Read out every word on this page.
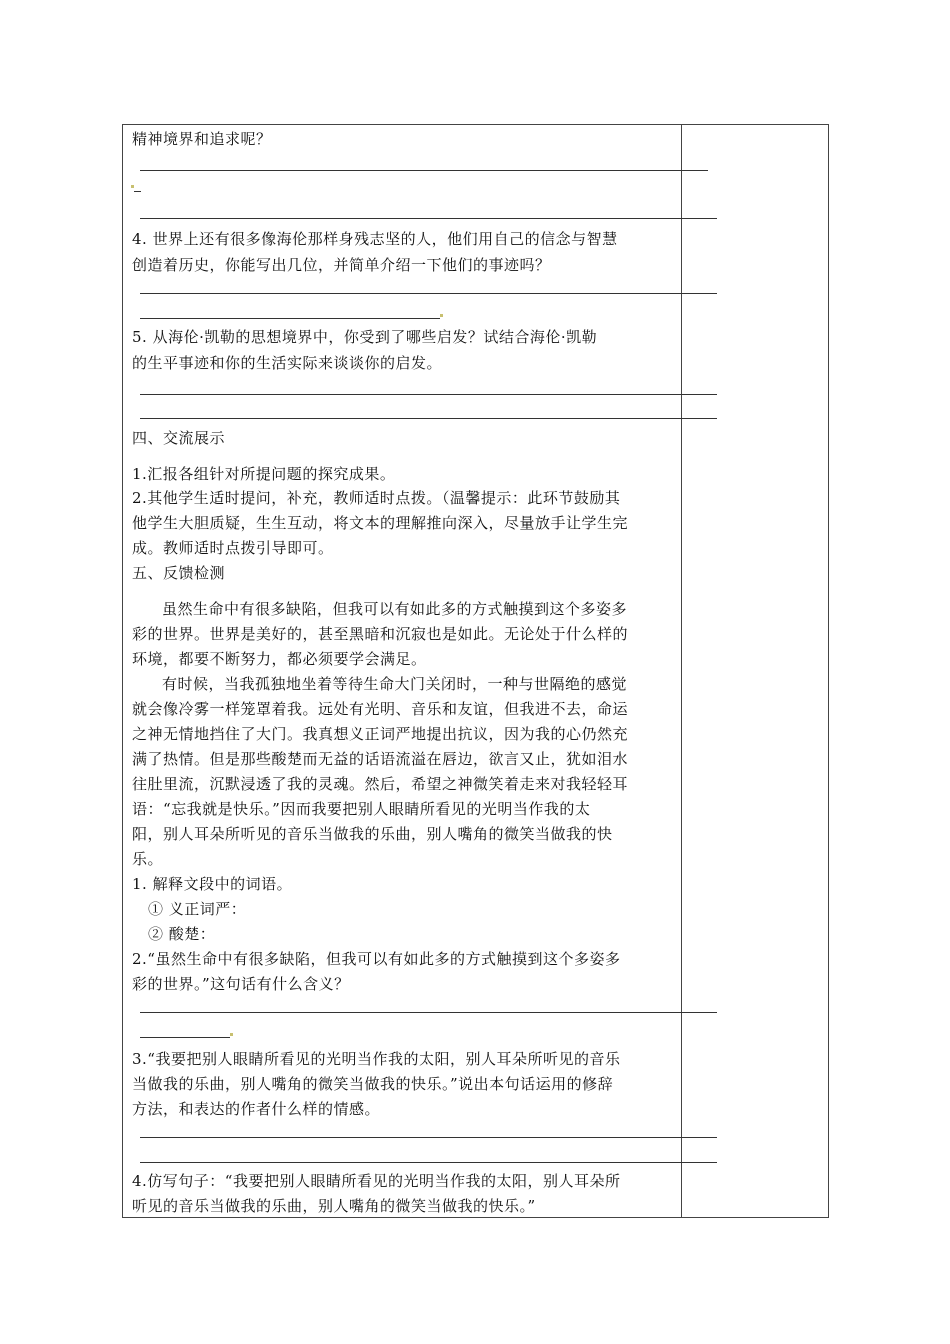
精神境界和追求呢？
4. 世界上还有很多像海伦那样身残志坚的人，他们用自己的信念与智慧
创造着历史，你能写出几位，并简单介绍一下他们的事迹吗？
5. 从海伦·凯勒的思想境界中，你受到了哪些启发？试结合海伦·凯勒
的生平事迹和你的生活实际来谈谈你的启发。
四、交流展示
1.汇报各组针对所提问题的探究成果。
2.其他学生适时提问，补充，教师适时点拨。（温馨提示：此环节鼓励其
他学生大胆质疑，生生互动，将文本的理解推向深入，尽量放手让学生完
成。教师适时点拨引导即可。
五、反馈检测
虽然生命中有很多缺陷，但我可以有如此多的方式触摸到这个多姿多
彩的世界。世界是美好的，甚至黑暗和沉寂也是如此。无论处于什么样的
环境，都要不断努力，都必须要学会满足。
有时候，当我孤独地坐着等待生命大门关闭时，一种与世隔绝的感觉
就会像冷雾一样笼罩着我。远处有光明、音乐和友谊，但我进不去，命运
之神无情地挡住了大门。我真想义正词严地提出抗议，因为我的心仍然充
满了热情。但是那些酸楚而无益的话语流溢在唇边，欲言又止，犹如泪水
往肚里流，沉默浸透了我的灵魂。然后，希望之神微笑着走来对我轻轻耳
语：“忘我就是快乐。”因而我要把别人眼睛所看见的光明当作我的太
阳，别人耳朵所听见的音乐当做我的乐曲，别人嘴角的微笑当做我的快
乐。
1. 解释文段中的词语。
① 义正词严：
② 酸楚：
2.“虽然生命中有很多缺陷，但我可以有如此多的方式触摸到这个多姿多
彩的世界。”这句话有什么含义？
3.“我要把别人眼睛所看见的光明当作我的太阳，别人耳朵所听见的音乐
当做我的乐曲，别人嘴角的微笑当做我的快乐。”说出本句话运用的修辞
方法，和表达的作者什么样的情感。
4.仿写句子：“我要把别人眼睛所看见的光明当作我的太阳，别人耳朵所
听见的音乐当做我的乐曲，别人嘴角的微笑当做我的快乐。”
